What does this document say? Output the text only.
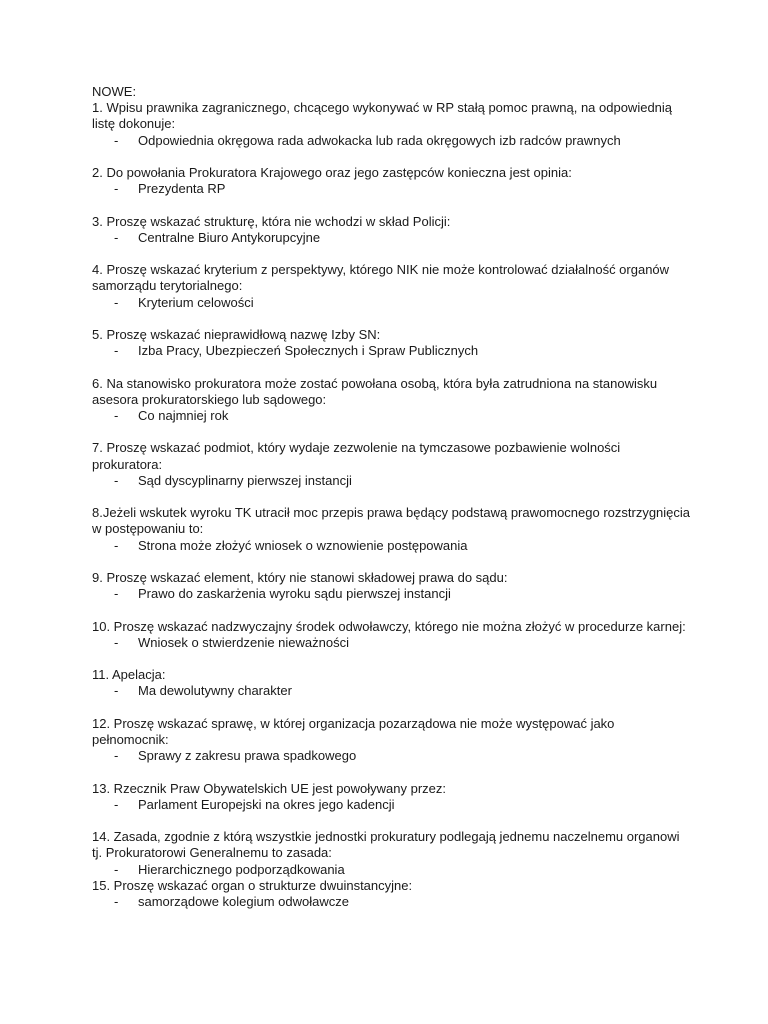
NOWE:

1. Wpisu prawnika zagranicznego, chcącego wykonywać w RP stałą pomoc prawną, na odpowiednią listę dokonuje:

- Odpowiednia okręgowa rada adwokacka lub rada okręgowych izb radców prawnych

2. Do powołania Prokuratora Krajowego oraz jego zastępców konieczna jest opinia:

- Prezydenta RP

3. Proszę wskazać strukturę, która nie wchodzi w skład Policji:

- Centralne Biuro Antykorupcyjne

4. Proszę wskazać kryterium z perspektywy, którego NIK nie może kontrolować działalność organów samorządu terytorialnego:

- Kryterium celowości

5. Proszę wskazać nieprawidłową nazwę Izby SN:

- Izba Pracy, Ubezpieczeń Społecznych i Spraw Publicznych

6. Na stanowisko prokuratora może zostać powołana osobą, która była zatrudniona na stanowisku asesora prokuratorskiego lub sądowego:

- Co najmniej rok

7. Proszę wskazać podmiot, który wydaje zezwolenie na tymczasowe pozbawienie wolności prokuratora:

- Sąd dyscyplinarny pierwszej instancji

8.Jeżeli wskutek wyroku TK utracił moc przepis prawa będący podstawą prawomocnego rozstrzygnięcia w postępowaniu to:

- Strona może złożyć wniosek o wznowienie postępowania

9. Proszę wskazać element, który nie stanowi składowej prawa do sądu:

- Prawo do zaskarżenia wyroku sądu pierwszej instancji

10. Proszę wskazać nadzwyczajny środek odwoławczy, którego nie można złożyć w procedurze karnej:

- Wniosek o stwierdzenie nieważności

11. Apelacja:

- Ma dewolutywny charakter

12. Proszę wskazać sprawę, w której organizacja pozarządowa nie może występować jako pełnomocnik:

- Sprawy z zakresu prawa spadkowego

13. Rzecznik Praw Obywatelskich UE jest powoływany przez:

- Parlament Europejski na okres jego kadencji

14. Zasada, zgodnie z którą wszystkie jednostki prokuratury podlegają jednemu naczelnemu organowi tj. Prokuratorowi Generalnemu to zasada:

- Hierarchicznego podporządkowania

15. Proszę wskazać organ o strukturze dwuinstancyjne:

- samorządowe kolegium odwoławcze
